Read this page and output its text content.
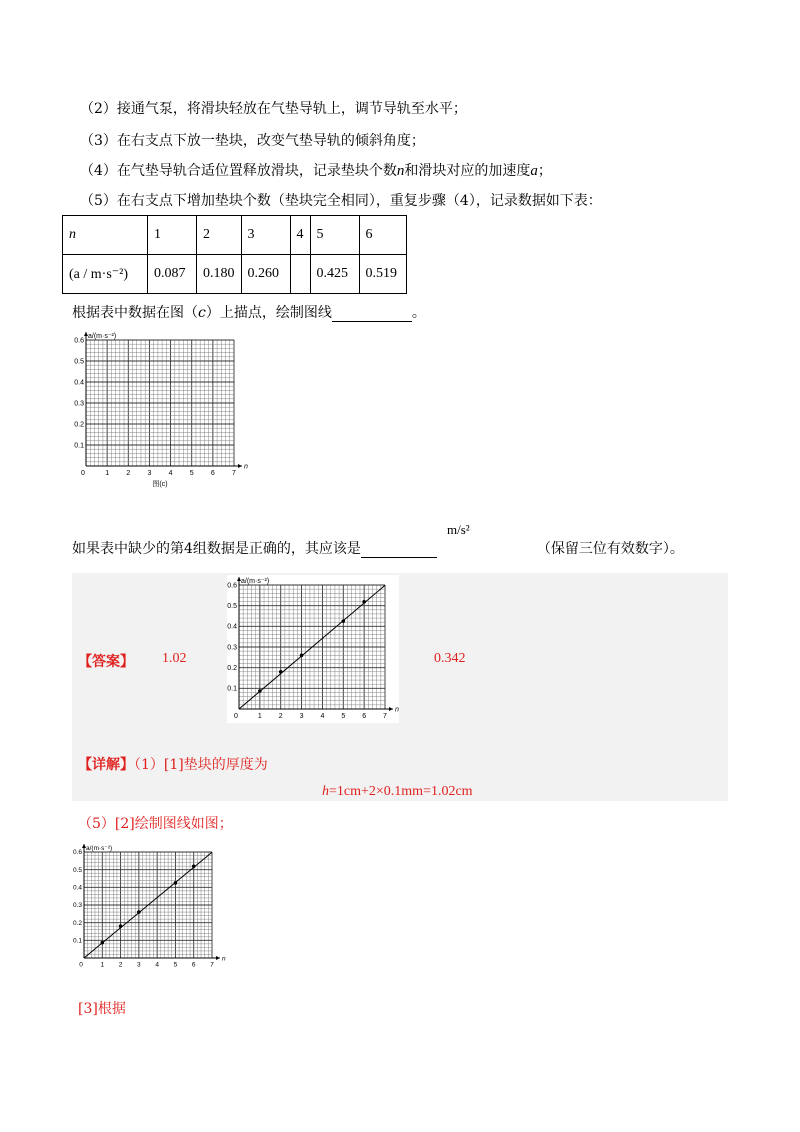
（2）接通气泵，将滑块轻放在气垫导轨上，调节导轨至水平；
（3）在右支点下放一垫块，改变气垫导轨的倾斜角度；
（4）在气垫导轨合适位置释放滑块，记录垫块个数n和滑块对应的加速度a；
（5）在右支点下增加垫块个数（垫块完全相同），重复步骤（4），记录数据如下表：
n	1	2	3	4	5	6
(a / m·s⁻²)	0.087	0.180	0.260		0.425	0.519
根据表中数据在图（c）上描点，绘制图线	。
0	1 2 3 4 5 6 7
0.1
0.2
0.3
0.4
0.5
0.6
n
a/(m·s⁻²)
图(c)
如果表中缺少的第4组数据是正确的，其应该是	（保留三位有效数字）。
m/s²
0	1 2 3 4 5 6 7
0.1
0.2
0.3
0.4
0.5
0.6
n
a/(m·s⁻²)
【答案】 1.02	0.342
【详解】（1）[1]垫块的厚度为
h=1cm+2×0.1mm=1.02cm
（5）[2]绘制图线如图；
0	1 2 3 4 5 6 7
0.1
0.2
0.3
0.4
0.5
0.6
n
a/(m·s⁻²)
[3]根据
